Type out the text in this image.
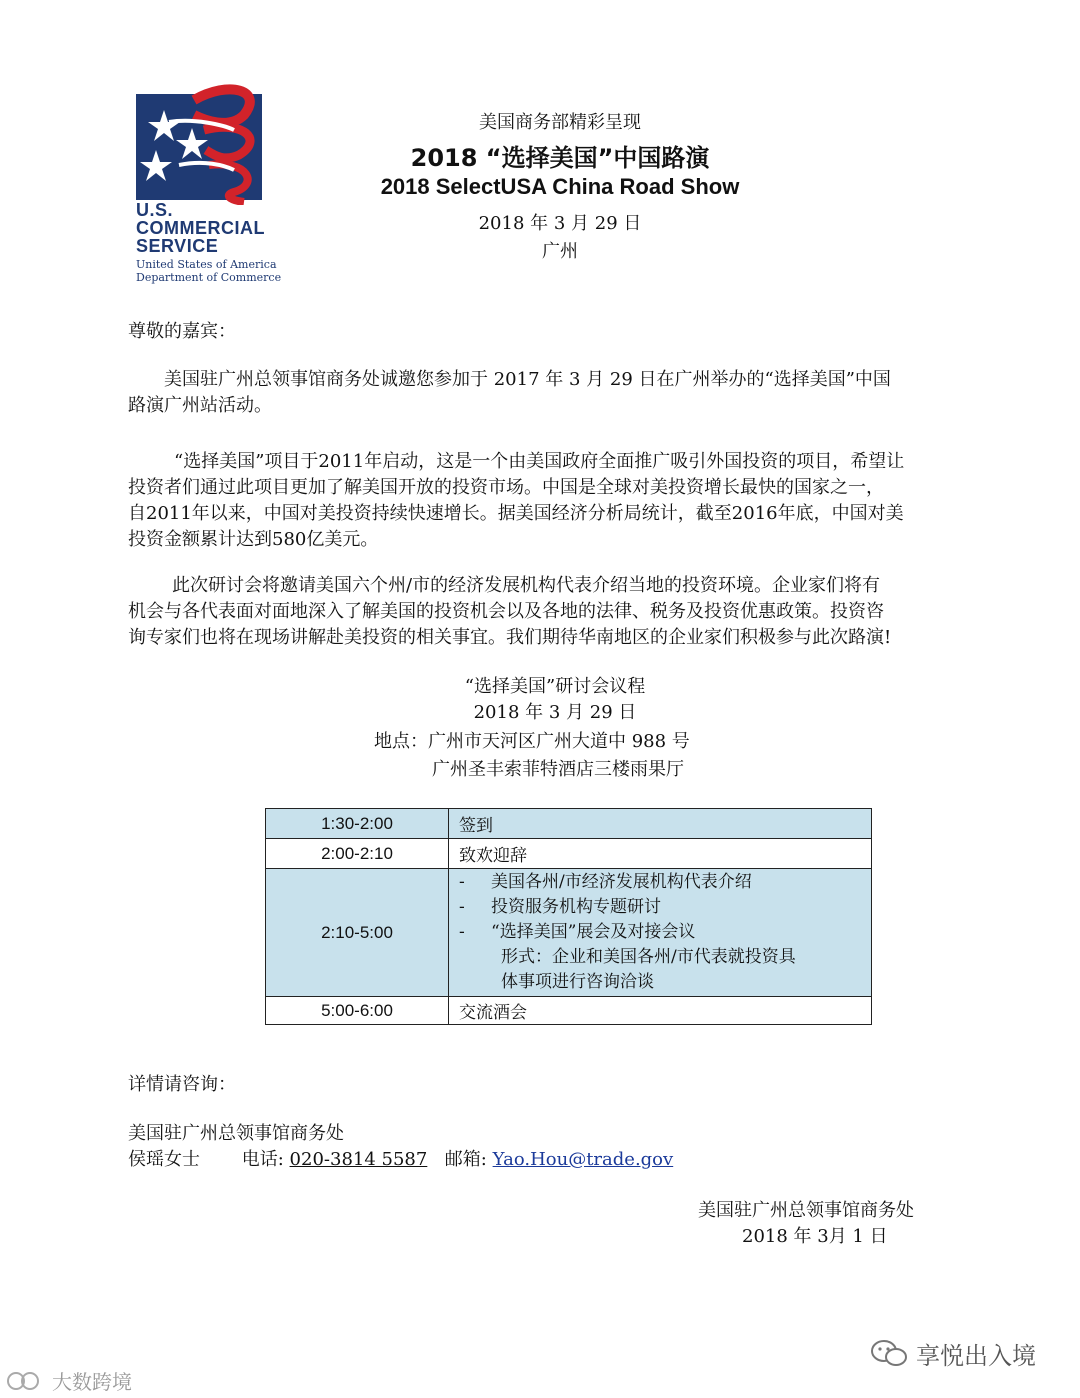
U.S.
COMMERCIAL
SERVICE
United States of America
Department of Commerce
美国商务部精彩呈现
2018 “选择美国”中国路演
2018 SelectUSA China Road Show
2018 年 3 月 29 日
广州
尊敬的嘉宾：

美国驻广州总领事馆商务处诚邀您参加于 2017 年 3 月 29 日在广州举办的“选择美国”中国

路演广州站活动。

“选择美国”项目于2011年启动，这是一个由美国政府全面推广吸引外国投资的项目，希望让

投资者们通过此项目更加了解美国开放的投资市场。中国是全球对美投资增长最快的国家之一，

自2011年以来，中国对美投资持续快速增长。据美国经济分析局统计，截至2016年底，中国对美

投资金额累计达到580亿美元。

此次研讨会将邀请美国六个州/市的经济发展机构代表介绍当地的投资环境。企业家们将有

机会与各代表面对面地深入了解美国的投资机会以及各地的法律、税务及投资优惠政策。投资咨

询专家们也将在现场讲解赴美投资的相关事宜。我们期待华南地区的企业家们积极参与此次路演!

“选择美国”研讨会议程
2018 年 3 月 29 日
地点：广州市天河区广州大道中 988 号
广州圣丰索菲特酒店三楼雨果厅
1:30-2:00	签到
2:00-2:10	致欢迎辞
2:10-5:00	- 美国各州/市经济发展机构代表介绍
- 投资服务机构专题研讨
- “选择美国”展会及对接会议
形式：企业和美国各州/市代表就投资具
体事项进行咨询洽谈

5:00-6:00	交流酒会
详情请咨询：
美国驻广州总领事馆商务处
侯瑶女士 电话: 020-3814 5587 邮箱: Yao.Hou@trade.gov
美国驻广州总领事馆商务处
2018 年 3月 1 日
享悦出入境
大数跨境
